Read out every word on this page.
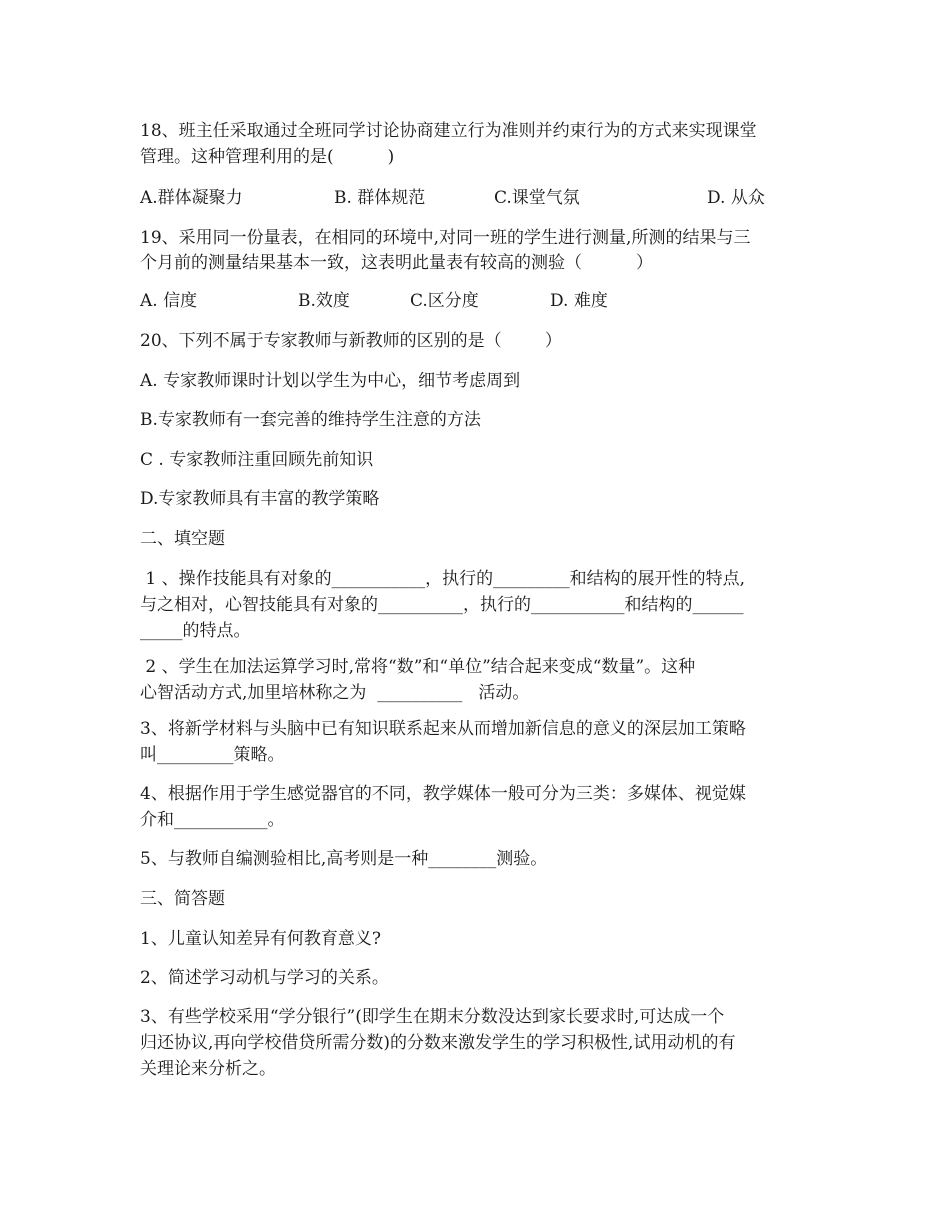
18、班主任采取通过全班同学讨论协商建立行为准则并约束行为的方式来实现课堂
管理。这种管理利用的是(          )
A.群体凝聚力	B. 群体规范	C.课堂气氛	D. 从众
19、采用同一份量表，在相同的环境中,对同一班的学生进行测量,所测的结果与三
个月前的测量结果基本一致，这表明此量表有较高的测验（          ）
A. 信度	B.效度	C.区分度	D. 难度
20、下列不属于专家教师与新教师的区别的是（        ）
A. 专家教师课时计划以学生为中心，细节考虑周到
B.专家教师有一套完善的维持学生注意的方法
C . 专家教师注重回顾先前知识
D.专家教师具有丰富的教学策略
二、填空题
1 、操作技能具有对象的___________，执行的_________和结构的展开性的特点,
与之相对，心智技能具有对象的__________，执行的___________和结构的______
_____的特点。
2 、学生在加法运算学习时,常将“数”和“单位”结合起来变成“数量”。这种
心智活动方式,加里培林称之为  __________   活动。
3、将新学材料与头脑中已有知识联系起来从而增加新信息的意义的深层加工策略
叫_________策略。
4、根据作用于学生感觉器官的不同，教学媒体一般可分为三类：多媒体、视觉媒
介和___________。
5、与教师自编测验相比,高考则是一种________测验。
三、简答题
1、儿童认知差异有何教育意义?
2、简述学习动机与学习的关系。
3、有些学校采用“学分银行”(即学生在期末分数没达到家长要求时,可达成一个
归还协议,再向学校借贷所需分数)的分数来激发学生的学习积极性,试用动机的有
关理论来分析之。
